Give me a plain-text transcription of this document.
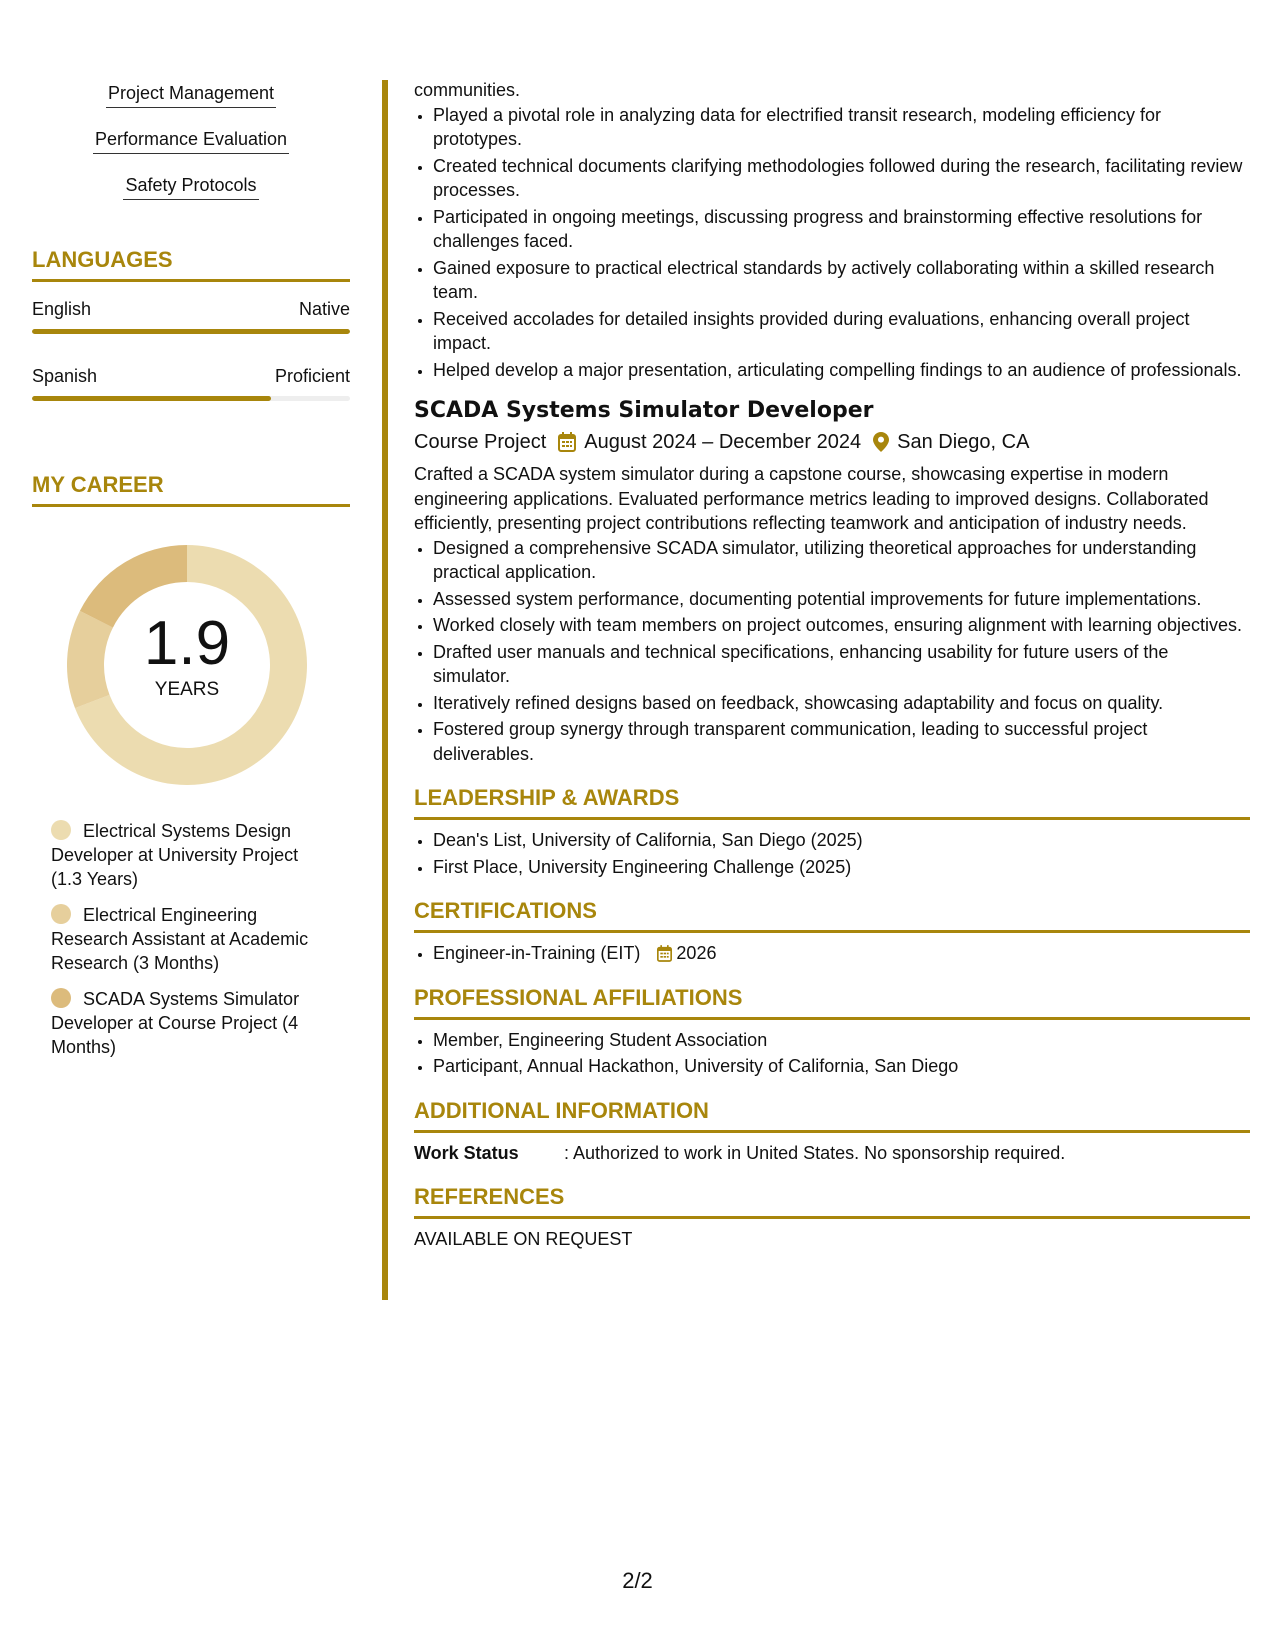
Project Management
Performance Evaluation
Safety Protocols
LANGUAGES
English	Native
Spanish	Proficient
MY CAREER
1.9
YEARS
Electrical Systems Design Developer at University Project (1.3 Years)
Electrical Engineering Research Assistant at Academic Research (3 Months)
SCADA Systems Simulator Developer at Course Project (4 Months)
communities.
• Played a pivotal role in analyzing data for electrified transit research, modeling efficiency for prototypes.
• Created technical documents clarifying methodologies followed during the research, facilitating review processes.
• Participated in ongoing meetings, discussing progress and brainstorming effective resolutions for challenges faced.
• Gained exposure to practical electrical standards by actively collaborating within a skilled research team.
• Received accolades for detailed insights provided during evaluations, enhancing overall project impact.
• Helped develop a major presentation, articulating compelling findings to an audience of professionals.
SCADA Systems Simulator Developer
Course Project August 2024 – December 2024 San Diego, CA
Crafted a SCADA system simulator during a capstone course, showcasing expertise in modern engineering applications. Evaluated performance metrics leading to improved designs. Collaborated efficiently, presenting project contributions reflecting teamwork and anticipation of industry needs.
• Designed a comprehensive SCADA simulator, utilizing theoretical approaches for understanding practical application.
• Assessed system performance, documenting potential improvements for future implementations.
• Worked closely with team members on project outcomes, ensuring alignment with learning objectives.
• Drafted user manuals and technical specifications, enhancing usability for future users of the simulator.
• Iteratively refined designs based on feedback, showcasing adaptability and focus on quality.
• Fostered group synergy through transparent communication, leading to successful project deliverables.
LEADERSHIP & AWARDS
• Dean's List, University of California, San Diego (2025)
• First Place, University Engineering Challenge (2025)
CERTIFICATIONS
• Engineer-in-Training (EIT) 2026
PROFESSIONAL AFFILIATIONS
• Member, Engineering Student Association
• Participant, Annual Hackathon, University of California, San Diego
ADDITIONAL INFORMATION
Work Status	: Authorized to work in United States. No sponsorship required.
REFERENCES
AVAILABLE ON REQUEST
2/2
